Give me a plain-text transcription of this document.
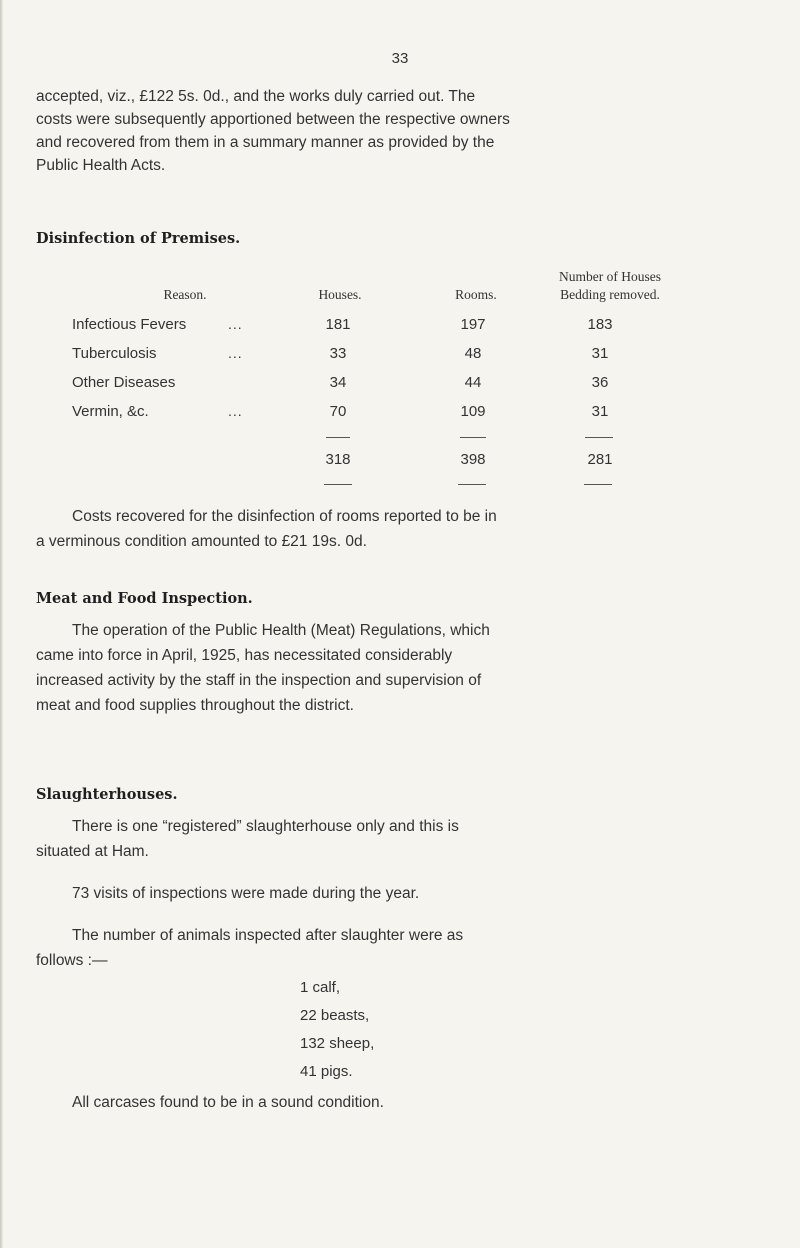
33
accepted, viz., £122 5s. 0d., and the works duly carried out. The
costs were subsequently apportioned between the respective owners
and recovered from them in a summary manner as provided by the
Public Health Acts.
Disinfection of Premises.
Reason.	Houses.	Rooms.
Number of Houses
Bedding removed.
Infectious Fevers	...	181	197	183
Tuberculosis	...	33	48	31
Other Diseases	34	44	36
Vermin, &c.	...	70	109	31
318	398	281
Costs recovered for the disinfection of rooms reported to be in
a verminous condition amounted to £21 19s. 0d.
Meat and Food Inspection.
The operation of the Public Health (Meat) Regulations, which
came into force in April, 1925, has necessitated considerably
increased activity by the staff in the inspection and supervision of
meat and food supplies throughout the district.
Slaughterhouses.
There is one “registered” slaughterhouse only and this is
situated at Ham.
73 visits of inspections were made during the year.
The number of animals inspected after slaughter were as
follows :—
1 calf,
22 beasts,
132 sheep,
41 pigs.
All carcases found to be in a sound condition.
